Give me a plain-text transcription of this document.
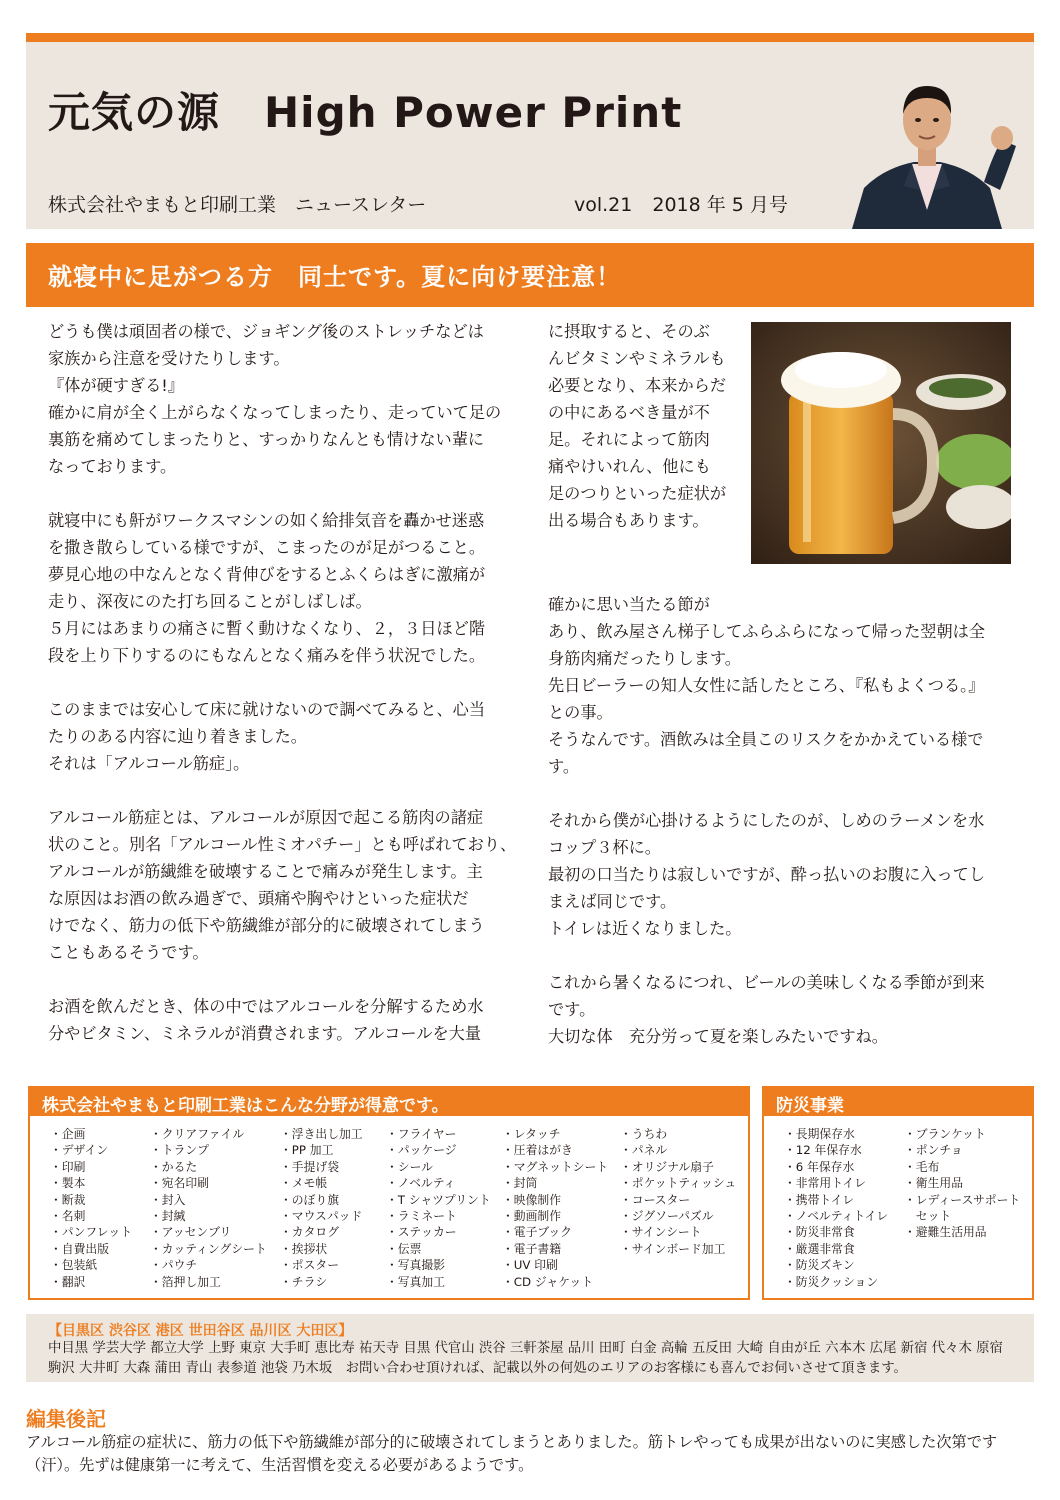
元気の源 High Power Print
株式会社やまもと印刷工業　ニュースレター	vol.21 2018 年 5 月号
就寝中に足がつる方　同士です。夏に向け要注意！

どうも僕は頑固者の様で、ジョギング後のストレッチなどは
家族から注意を受けたりします。
『体が硬すぎる!』
確かに肩が全く上がらなくなってしまったり、走っていて足の
裏筋を痛めてしまったりと、すっかりなんとも情けない輩に
なっております。

就寝中にも鼾がワークスマシンの如く給排気音を轟かせ迷惑
を撒き散らしている様ですが、こまったのが足がつること。
夢見心地の中なんとなく背伸びをするとふくらはぎに激痛が
走り、深夜にのた打ち回ることがしばしば。
５月にはあまりの痛さに暫く動けなくなり、２，３日ほど階
段を上り下りするのにもなんとなく痛みを伴う状況でした。

このままでは安心して床に就けないので調べてみると、心当
たりのある内容に辿り着きました。
それは「アルコール筋症」。

アルコール筋症とは、アルコールが原因で起こる筋肉の諸症
状のこと。別名「アルコール性ミオパチー」とも呼ばれており、
アルコールが筋繊維を破壊することで痛みが発生します。主
な原因はお酒の飲み過ぎで、頭痛や胸やけといった症状だ
けでなく、筋力の低下や筋繊維が部分的に破壊されてしまう
こともあるそうです。

お酒を飲んだとき、体の中ではアルコールを分解するため水
分やビタミン、ミネラルが消費されます。アルコールを大量

に摂取すると、そのぶ
んビタミンやミネラルも
必要となり、本来からだ
の中にあるべき量が不
足。それによって筋肉
痛やけいれん、他にも
足のつりといった症状が
出る場合もあります。

確かに思い当たる節が
あり、飲み屋さん梯子してふらふらになって帰った翌朝は全
身筋肉痛だったりします。
先日ビーラーの知人女性に話したところ、『私もよくつる。』
との事。
そうなんです。酒飲みは全員このリスクをかかえている様で
す。

それから僕が心掛けるようにしたのが、しめのラーメンを水
コップ３杯に。
最初の口当たりは寂しいですが、酔っ払いのお腹に入ってし
まえば同じです。
トイレは近くなりました。

これから暑くなるにつれ、ビールの美味しくなる季節が到来
です。
大切な体　充分労って夏を楽しみたいですね。
株式会社やまもと印刷工業はこんな分野が得意です。
・企画
・デザイン
・印刷
・製本
・断裁
・名刺
・パンフレット
・自費出版
・包装紙
・翻訳
・クリアファイル
・トランプ
・かるた
・宛名印刷
・封入
・封緘
・アッセンブリ
・カッティングシート
・パウチ
・箔押し加工
・浮き出し加工
・PP 加工
・手提げ袋
・メモ帳
・のぼり旗
・マウスパッド
・カタログ
・挨拶状
・ポスター
・チラシ
・フライヤー
・パッケージ
・シール
・ノベルティ
・T シャツプリント
・ラミネート
・ステッカー
・伝票
・写真撮影
・写真加工
・レタッチ
・圧着はがき
・マグネットシート
・封筒
・映像制作
・動画制作
・電子ブック
・電子書籍
・UV 印刷
・CD ジャケット
・うちわ
・パネル
・オリジナル扇子
・ポケットティッシュ
・コースター
・ジグソーパズル
・サインシート
・サインボード加工
防災事業
・長期保存水
・12 年保存水
・6 年保存水
・非常用トイレ
・携帯トイレ
・ノベルティトイレ
・防災非常食
・厳選非常食
・防災ズキン
・防災クッション
・ブランケット
・ポンチョ
・毛布
・衛生用品
・レディースサポート
　セット
・避難生活用品
【目黒区 渋谷区 港区 世田谷区 品川区 大田区】
中目黒 学芸大学 都立大学 上野 東京 大手町 恵比寿 祐天寺 目黒 代官山 渋谷 三軒茶屋 品川 田町 白金 高輪 五反田 大崎 自由が丘 六本木 広尾 新宿 代々木 原宿 駒沢 大井町 大森 蒲田 青山 表参道 池袋 乃木坂　お問い合わせ頂ければ、記載以外の何処のエリアのお客様にも喜んでお伺いさせて頂きます。
編集後記
アルコール筋症の症状に、筋力の低下や筋繊維が部分的に破壊されてしまうとありました。筋トレやっても成果が出ないのに実感した次第です（汗）。先ずは健康第一に考えて、生活習慣を変える必要があるようです。
